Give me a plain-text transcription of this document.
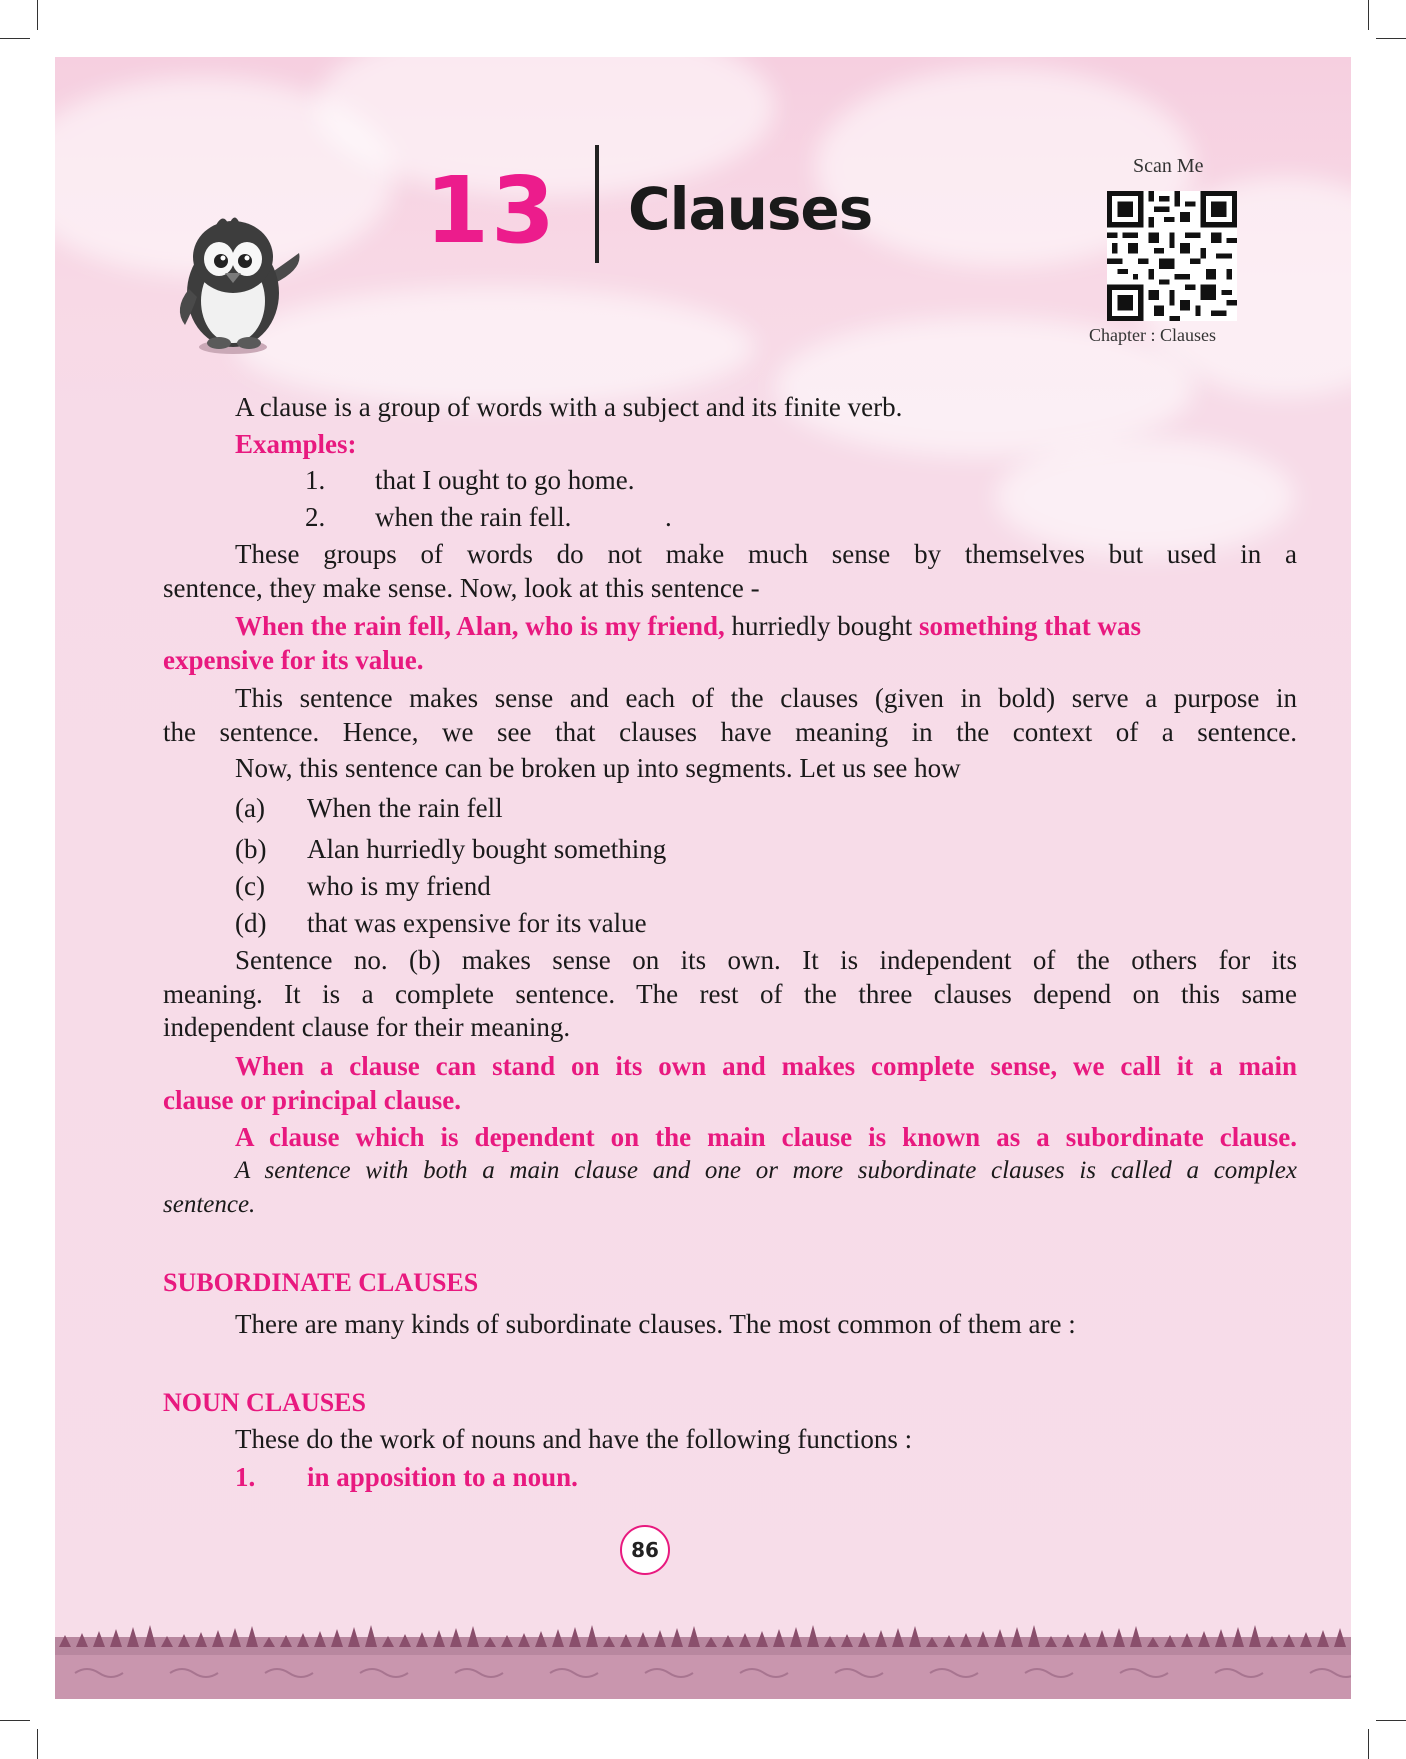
13 Clauses
Scan Me
Chapter : Clauses
A clause is a group of words with a subject and its finite verb.
Examples:
1. that I ought to go home.
2. when the rain fell.	.
These groups of words do not make much sense by themselves but used in a
sentence, they make sense. Now, look at this sentence -
When the rain fell, Alan, who is my friend, hurriedly bought something that was
expensive for its value.
This sentence makes sense and each of the clauses (given in bold) serve a purpose in
the sentence. Hence, we see that clauses have meaning in the context of a sentence.
Now, this sentence can be broken up into segments. Let us see how
(a) When the rain fell
(b) Alan hurriedly bought something
(c) who is my friend
(d) that was expensive for its value
Sentence no. (b) makes sense on its own. It is independent of the others for its
meaning. It is a complete sentence. The rest of the three clauses depend on this same
independent clause for their meaning.
When a clause can stand on its own and makes complete sense, we call it a main
clause or principal clause.
A clause which is dependent on the main clause is known as a subordinate clause.
A sentence with both a main clause and one or more subordinate clauses is called a complex
sentence.
SUBORDINATE CLAUSES
There are many kinds of subordinate clauses. The most common of them are :
NOUN CLAUSES
These do the work of nouns and have the following functions :
1. in apposition to a noun.
86
